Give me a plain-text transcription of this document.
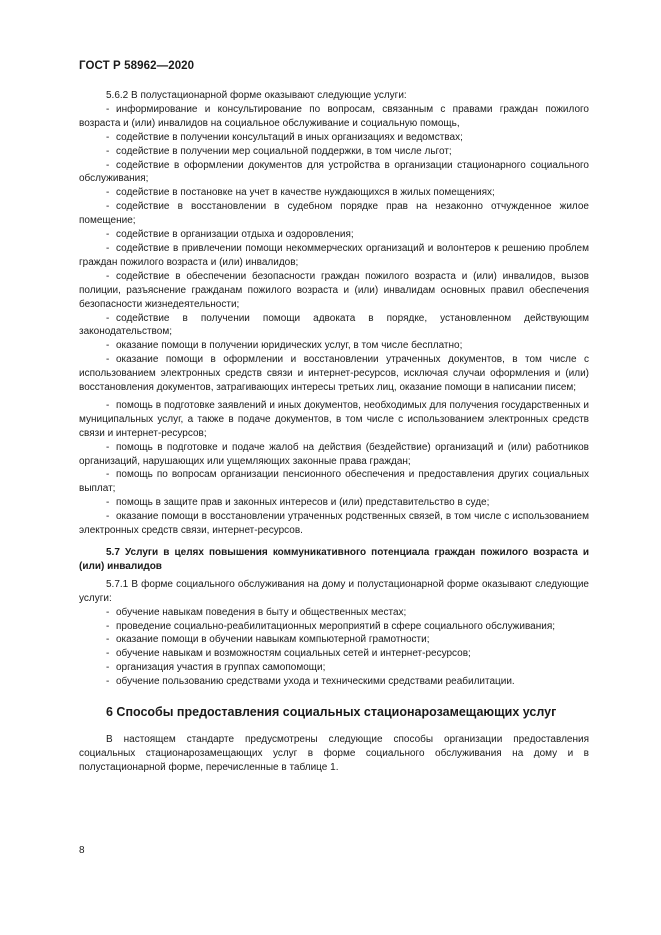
ГОСТ Р 58962—2020

5.6.2 В полустационарной форме оказывают следующие услуги:

- информирование и консультирование по вопросам, связанным с правами граждан пожилого возраста и (или) инвалидов на социальное обслуживание и социальную помощь,

- содействие в получении консультаций в иных организациях и ведомствах;

- содействие в получении мер социальной поддержки, в том числе льгот;

- содействие в оформлении документов для устройства в организации стационарного социального обслуживания;

- содействие в постановке на учет в качестве нуждающихся в жилых помещениях;

- содействие в восстановлении в судебном порядке прав на незаконно отчужденное жилое помещение;

- содействие в организации отдыха и оздоровления;

- содействие в привлечении помощи некоммерческих организаций и волонтеров к решению проблем граждан пожилого возраста и (или) инвалидов;

- содействие в обеспечении безопасности граждан пожилого возраста и (или) инвалидов, вызов полиции, разъяснение гражданам пожилого возраста и (или) инвалидам основных правил обеспечения безопасности жизнедеятельности;

- содействие в получении помощи адвоката в порядке, установленном действующим законодательством;

- оказание помощи в получении юридических услуг, в том числе бесплатно;

- оказание помощи в оформлении и восстановлении утраченных документов, в том числе с использованием электронных средств связи и интернет-ресурсов, исключая случаи оформления и (или) восстановления документов, затрагивающих интересы третьих лиц, оказание помощи в написании писем;

- помощь в подготовке заявлений и иных документов, необходимых для получения государственных и муниципальных услуг, а также в подаче документов, в том числе с использованием электронных средств связи и интернет-ресурсов;

- помощь в подготовке и подаче жалоб на действия (бездействие) организаций и (или) работников организаций, нарушающих или ущемляющих законные права граждан;

- помощь по вопросам организации пенсионного обеспечения и предоставления других социальных выплат;

- помощь в защите прав и законных интересов и (или) представительство в суде;

- оказание помощи в восстановлении утраченных родственных связей, в том числе с использованием электронных средств связи, интернет-ресурсов.

5.7 Услуги в целях повышения коммуникативного потенциала граждан пожилого возраста и (или) инвалидов

5.7.1 В форме социального обслуживания на дому и полустационарной форме оказывают следующие услуги:

- обучение навыкам поведения в быту и общественных местах;

- проведение социально-реабилитационных мероприятий в сфере социального обслуживания;

- оказание помощи в обучении навыкам компьютерной грамотности;

- обучение навыкам и возможностям социальных сетей и интернет-ресурсов;

- организация участия в группах самопомощи;

- обучение пользованию средствами ухода и техническими средствами реабилитации.

6 Способы предоставления социальных стационарозамещающих услуг

В настоящем стандарте предусмотрены следующие способы организации предоставления социальных стационарозамещающих услуг в форме социального обслуживания на дому и в полустационарной форме, перечисленные в таблице 1.

8
